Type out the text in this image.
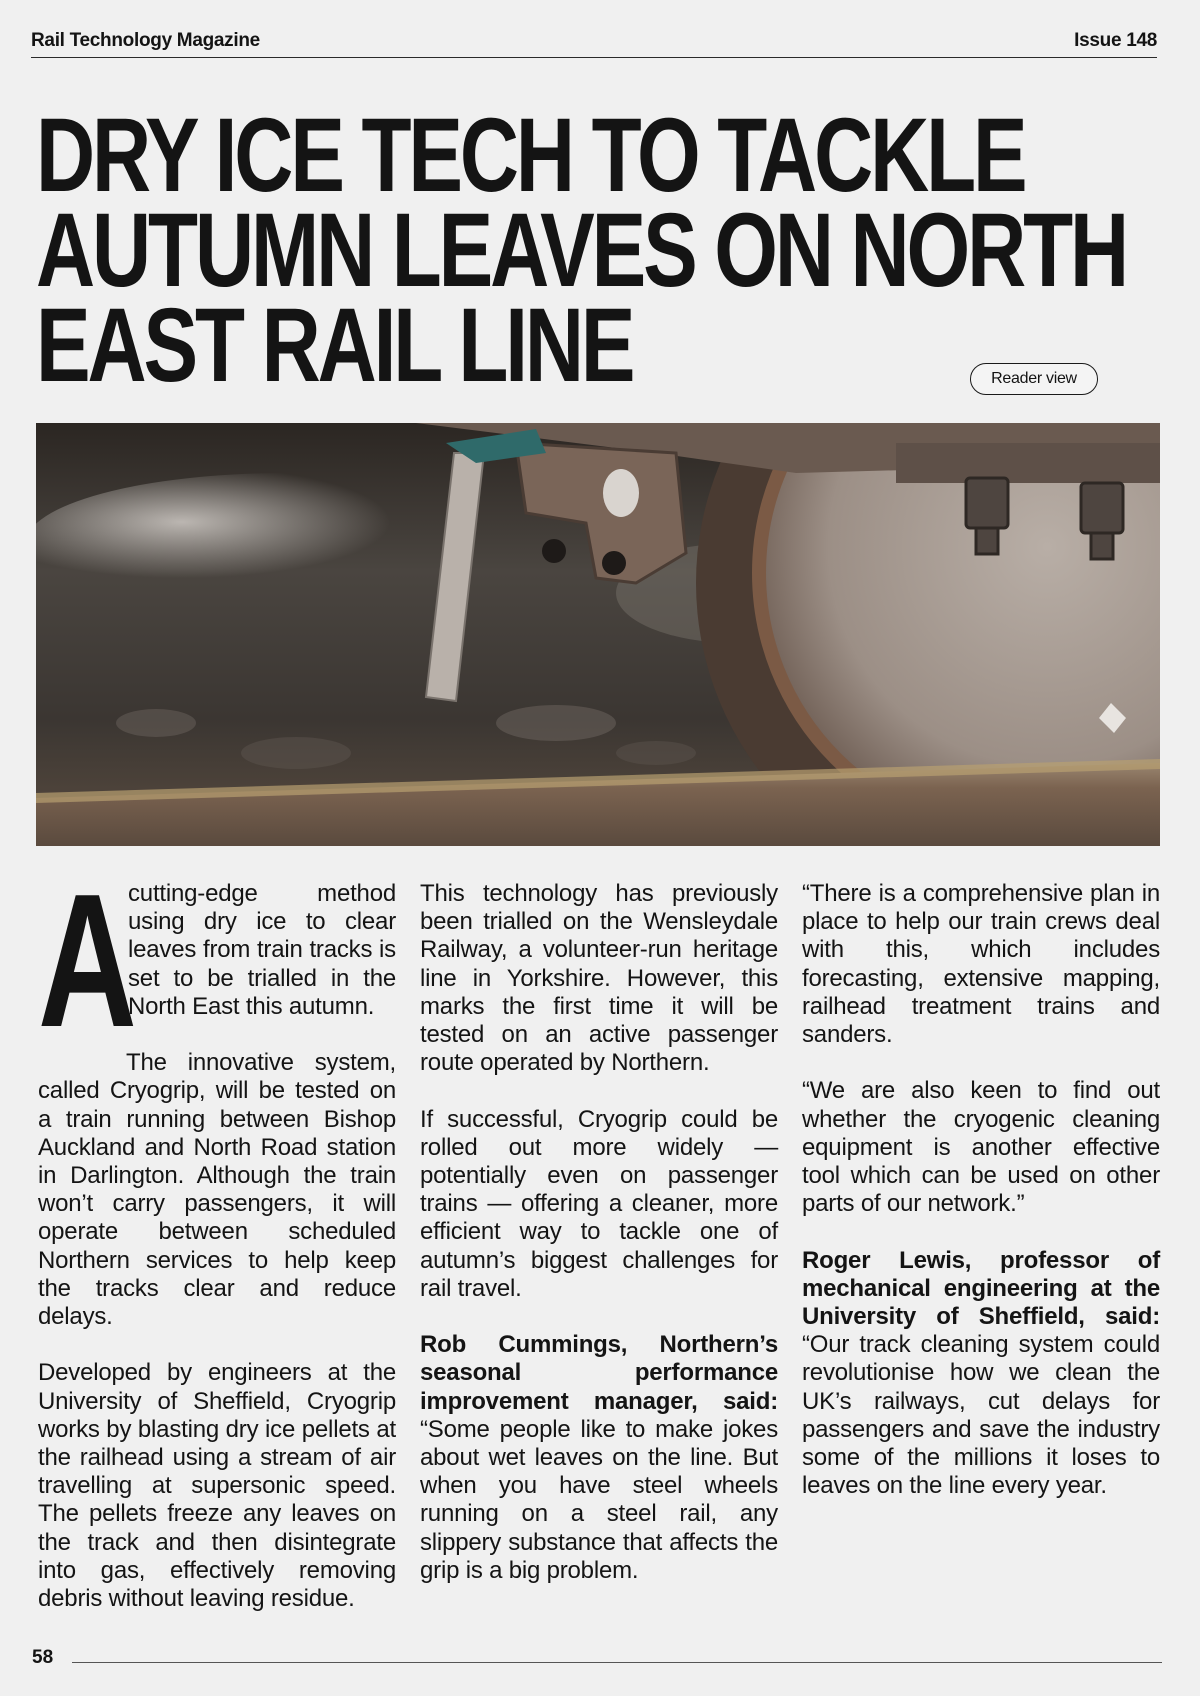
Rail Technology Magazine	Issue 148
DRY ICE TECH TO TACKLE
AUTUMN LEAVES ON NORTH
EAST RAIL LINE	Reader view

A
cutting-edge method using dry ice to clear leaves from train tracks is set to be trialled in the North East this autumn.

The innovative system, called Cryogrip, will be tested on a train running between Bishop Auckland and North Road station in Darlington. Although the train won’t carry passengers, it will operate between scheduled Northern services to help keep the tracks clear and reduce delays.

Developed by engineers at the University of Sheffield, Cryogrip works by blasting dry ice pellets at the railhead using a stream of air travelling at supersonic speed. The pellets freeze any leaves on the track and then disintegrate into gas, effectively removing debris without leaving residue.

This technology has previously been trialled on the Wensleydale Railway, a volunteer-run heritage line in Yorkshire. However, this marks the first time it will be tested on an active passenger route operated by Northern.

If successful, Cryogrip could be rolled out more widely — potentially even on passenger trains — offering a cleaner, more efficient way to tackle one of autumn’s biggest challenges for rail travel.

Rob Cummings, Northern’s seasonal performance improvement manager, said: “Some people like to make jokes about wet leaves on the line. But when you have steel wheels running on a steel rail, any slippery substance that affects the grip is a big problem.

“There is a comprehensive plan in place to help our train crews deal with this, which includes forecasting, extensive mapping, railhead treatment trains and sanders.

“We are also keen to find out whether the cryogenic cleaning equipment is another effective tool which can be used on other parts of our network.”

Roger Lewis, professor of mechanical engineering at the University of Sheffield, said: “Our track cleaning system could revolutionise how we clean the UK’s railways, cut delays for passengers and save the industry some of the millions it loses to leaves on the line every year.

58
